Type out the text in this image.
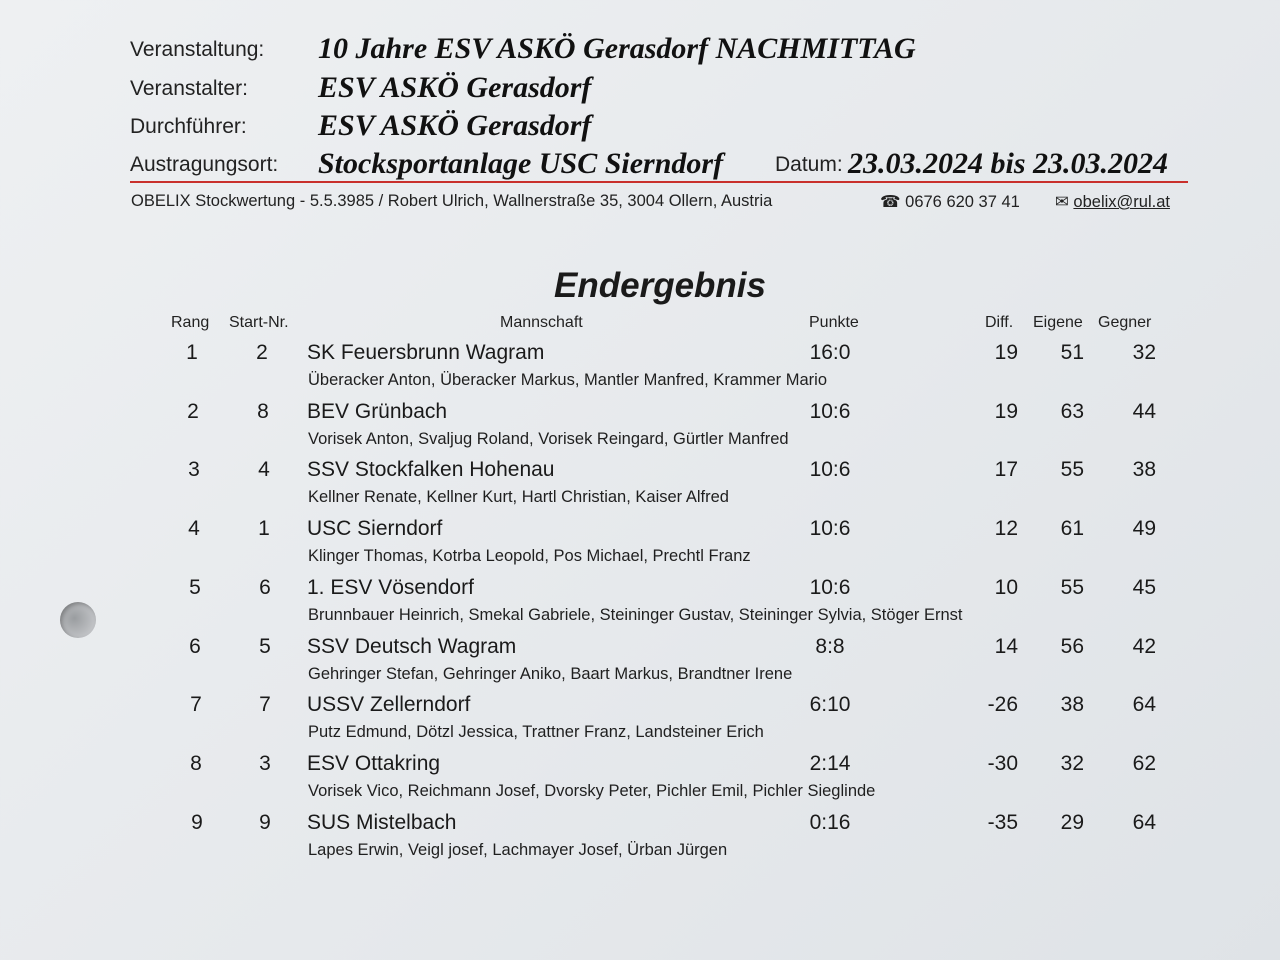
Veranstaltung: 10 Jahre ESV ASKÖ Gerasdorf NACHMITTAG
Veranstalter: ESV ASKÖ Gerasdorf
Durchführer: ESV ASKÖ Gerasdorf
Austragungsort: Stocksportanlage USC Sierndorf Datum: 23.03.2024 bis 23.03.2024
OBELIX Stockwertung - 5.5.3985 / Robert Ulrich, Wallnerstraße 35, 3004 Ollern, Austria	☎ 0676 620 37 41 ✉ obelix@rul.at
Endergebnis
Rang Start-Nr.	Mannschaft	Punkte	Diff. Eigene Gegner
1	2	SK Feuersbrunn Wagram	16:0	19	51	32
Überacker Anton, Überacker Markus, Mantler Manfred, Krammer Mario
2	8	BEV Grünbach	10:6	19	63	44
Vorisek Anton, Svaljug Roland, Vorisek Reingard, Gürtler Manfred
3	4	SSV Stockfalken Hohenau	10:6	17	55	38
Kellner Renate, Kellner Kurt, Hartl Christian, Kaiser Alfred
4	1	USC Sierndorf	10:6	12	61	49
Klinger Thomas, Kotrba Leopold, Pos Michael, Prechtl Franz
5	6	1. ESV Vösendorf	10:6	10	55	45
Brunnbauer Heinrich, Smekal Gabriele, Steininger Gustav, Steininger Sylvia, Stöger Ernst
6	5	SSV Deutsch Wagram	8:8	14	56	42
Gehringer Stefan, Gehringer Aniko, Baart Markus, Brandtner Irene
7	7	USSV Zellerndorf	6:10	-26	38	64
Putz Edmund, Dötzl Jessica, Trattner Franz, Landsteiner Erich
8	3	ESV Ottakring	2:14	-30	32	62
Vorisek Vico, Reichmann Josef, Dvorsky Peter, Pichler Emil, Pichler Sieglinde
9	9	SUS Mistelbach	0:16	-35	29	64
Lapes Erwin, Veigl josef, Lachmayer Josef, Ürban Jürgen
